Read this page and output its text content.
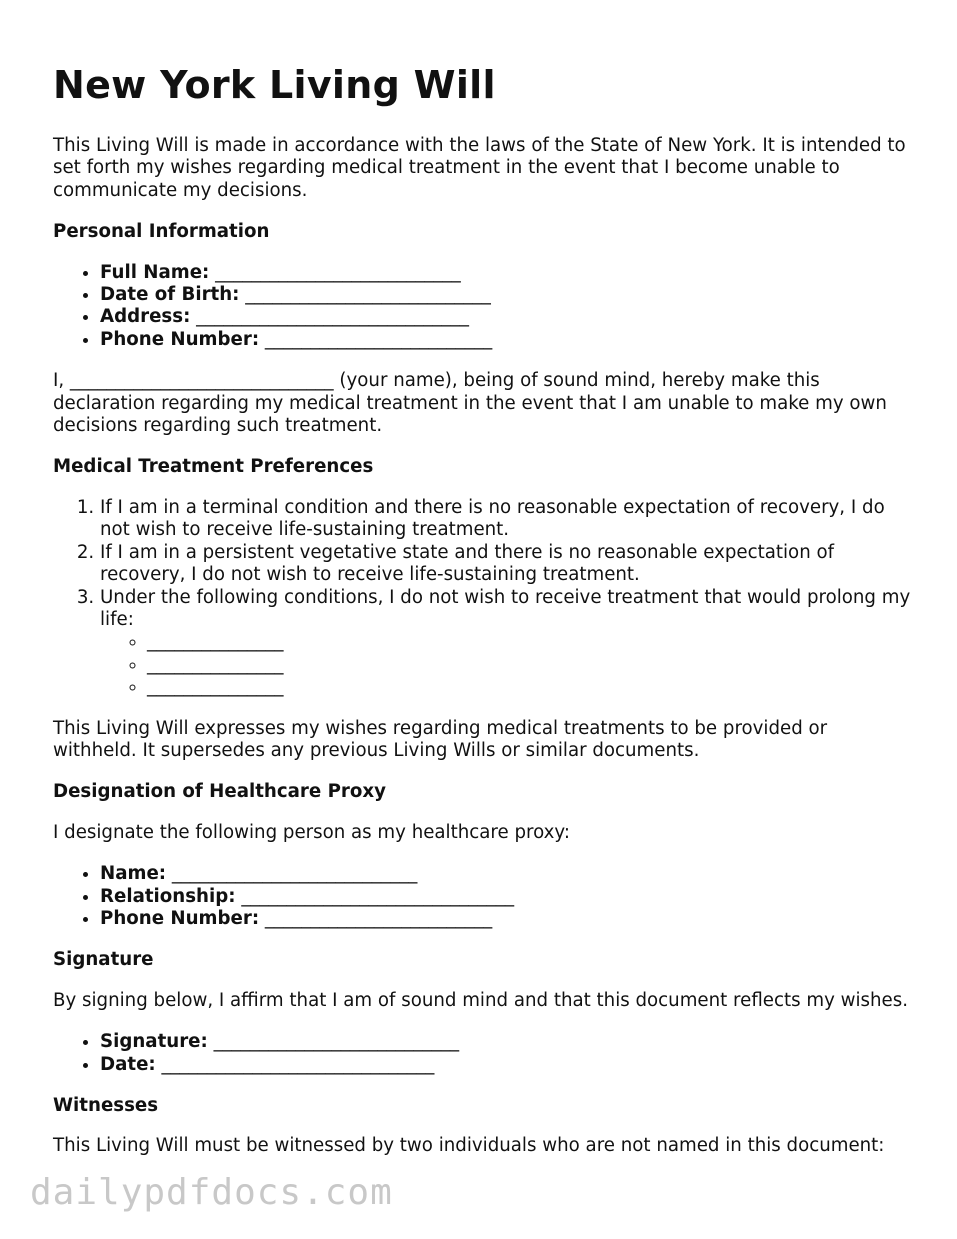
New York Living Will

This Living Will is made in accordance with the laws of the State of New York. It is intended to set forth my wishes regarding medical treatment in the event that I become unable to communicate my decisions.

Personal Information
• Full Name: ___________________________
• Date of Birth: ___________________________
• Address: ______________________________
• Phone Number: _________________________

I, _____________________________ (your name), being of sound mind, hereby make this declaration regarding my medical treatment in the event that I am unable to make my own decisions regarding such treatment.

Medical Treatment Preferences
1. If I am in a terminal condition and there is no reasonable expectation of recovery, I do not wish to receive life-sustaining treatment.
2. If I am in a persistent vegetative state and there is no reasonable expectation of recovery, I do not wish to receive life-sustaining treatment.
3. Under the following conditions, I do not wish to receive treatment that would prolong my life:
◦ _______________
◦ _______________
◦ _______________

This Living Will expresses my wishes regarding medical treatments to be provided or withheld. It supersedes any previous Living Wills or similar documents.

Designation of Healthcare Proxy

I designate the following person as my healthcare proxy:

• Name: ___________________________
• Relationship: ______________________________
• Phone Number: _________________________
Signature

By signing below, I affirm that I am of sound mind and that this document reflects my wishes.

• Signature: ___________________________
• Date: ______________________________
Witnesses

This Living Will must be witnessed by two individuals who are not named in this document:

dailypdfdocs.com
